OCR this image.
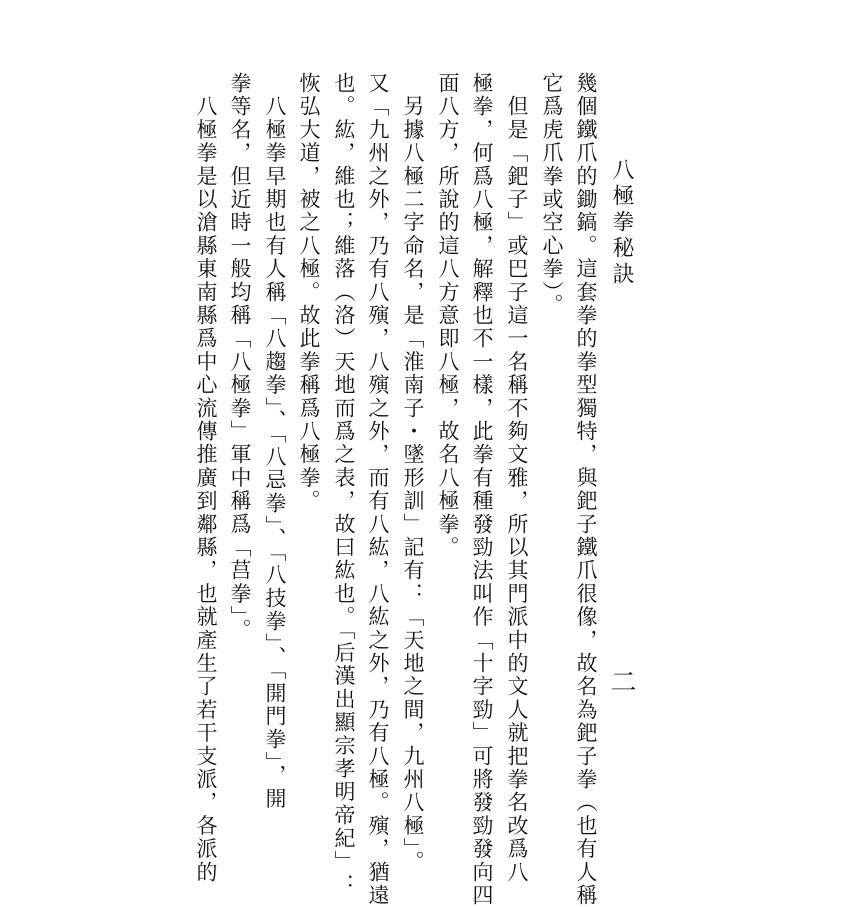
八極拳秘訣
二
幾個鐵爪的鋤鎬。這套拳的拳型獨特，與鈀子鐵爪很像，故名為鈀子拳（也有人稱
它爲虎爪拳或空心拳）。
　但是「鈀子」或巴子這一名稱不夠文雅，所以其門派中的文人就把拳名改爲八
極拳，何爲八極，解釋也不一樣，此拳有種發勁法叫作「十字勁」可將發勁發向四
面八方，所說的這八方意即八極，故名八極拳。
　另據八極二字命名，是「淮南子・墜形訓」記有：「天地之間，九州八極」。
又「九州之外，乃有八殥，八殥之外，而有八紘，八紘之外，乃有八極。殥，猶遠
也。紘，維也；維落（洛）天地而爲之表，故曰紘也。「后漢出顯宗孝明帝紀」：
恢弘大道，被之八極。故此拳稱爲八極拳。
　八極拳早期也有人稱「八趨拳」、「八忌拳」、「八技拳」、「開門拳」，開
拳等名，但近時一般均稱「八極拳」軍中稱爲「莒拳」。
　八極拳是以滄縣東南縣爲中心流傳推廣到鄰縣，也就產生了若干支派，各派的
